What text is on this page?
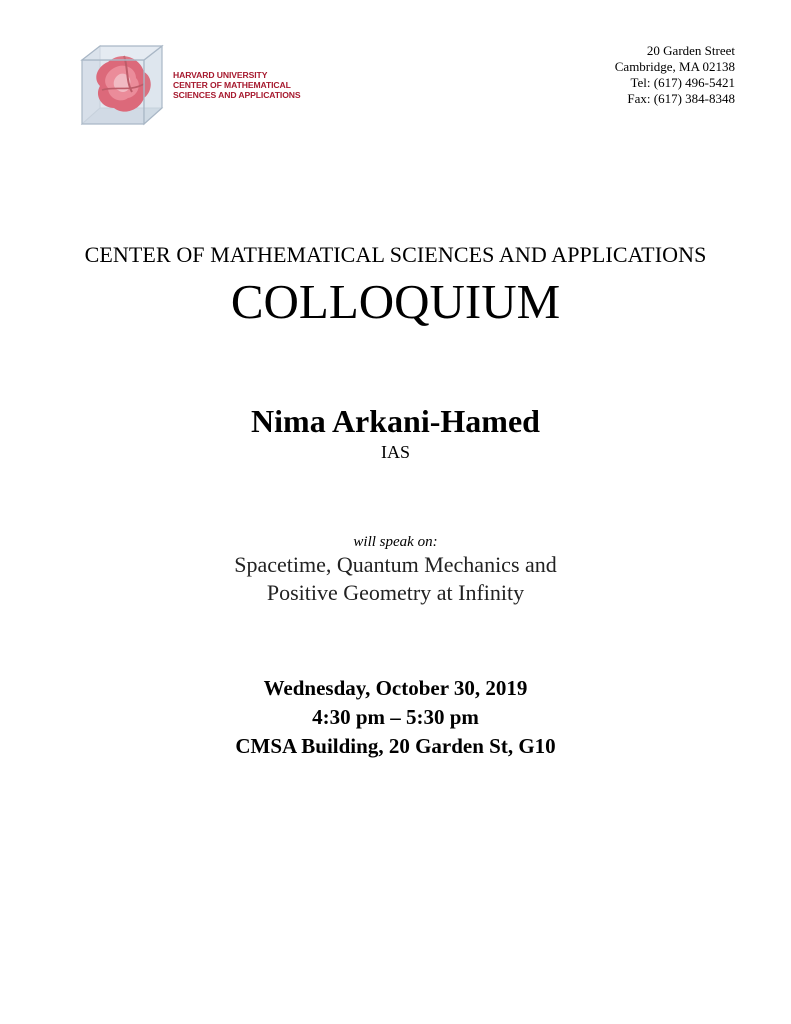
HARVARD UNIVERSITY
CENTER OF MATHEMATICAL
SCIENCES AND APPLICATIONS
20 Garden Street
Cambridge, MA 02138
Tel: (617) 496-5421
Fax: (617) 384-8348
CENTER OF MATHEMATICAL SCIENCES AND APPLICATIONS
COLLOQUIUM
Nima Arkani-Hamed
IAS
will speak on:
Spacetime, Quantum Mechanics and
Positive Geometry at Infinity
Wednesday, October 30, 2019
4:30 pm – 5:30 pm
CMSA Building, 20 Garden St, G10
